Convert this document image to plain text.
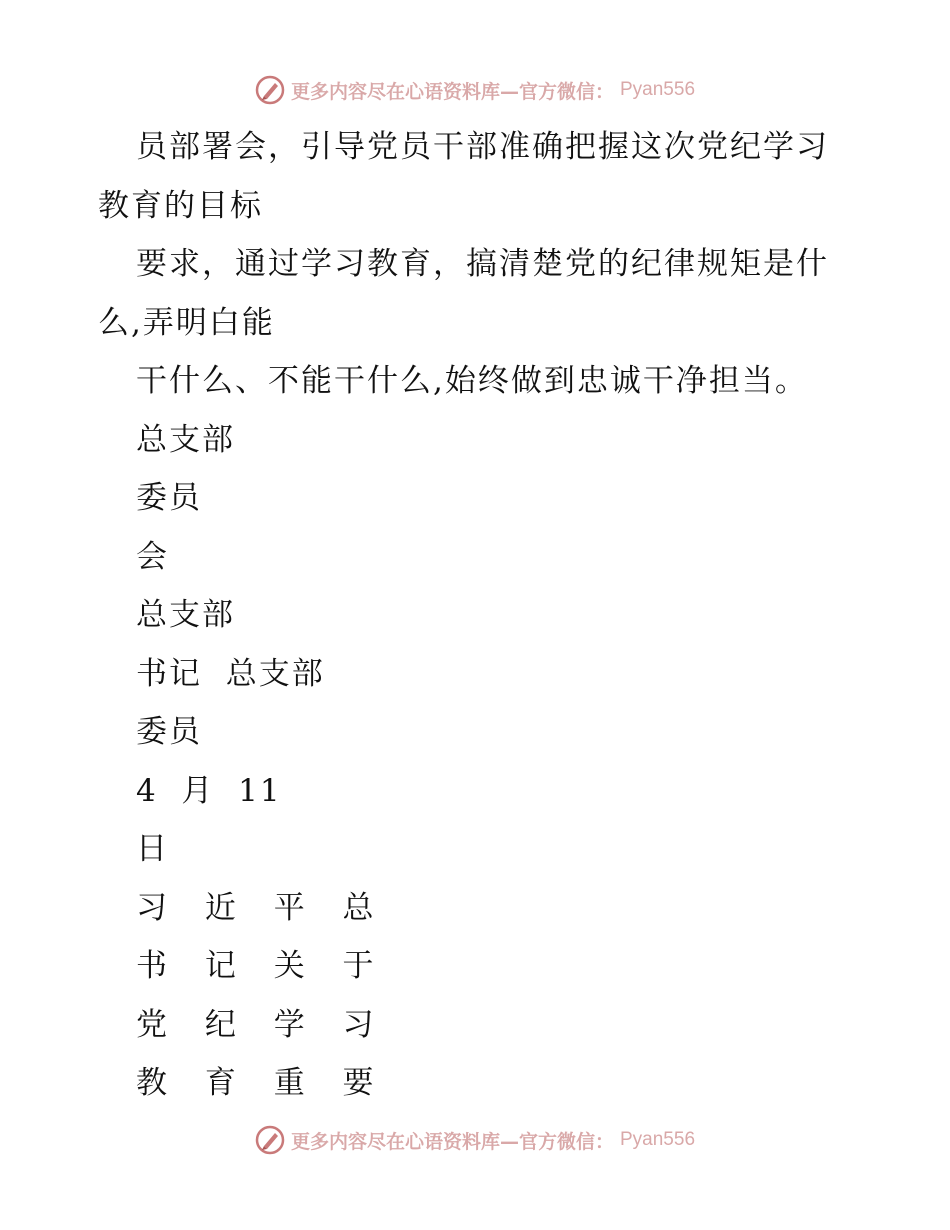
更多内容尽在心语资料库—官方微信： Pyan556
员部署会，引导党员干部准确把握这次党纪学习
教育的目标
要求，通过学习教育，搞清楚党的纪律规矩是什
么,弄明白能
干什么、不能干什么,始终做到忠诚干净担当。
总支部
委员
会
总支部
书记  总支部
委员
4  月  11
日
习 近 平 总
书 记 关 于
党 纪 学 习
教 育 重 要
更多内容尽在心语资料库—官方微信： Pyan556
